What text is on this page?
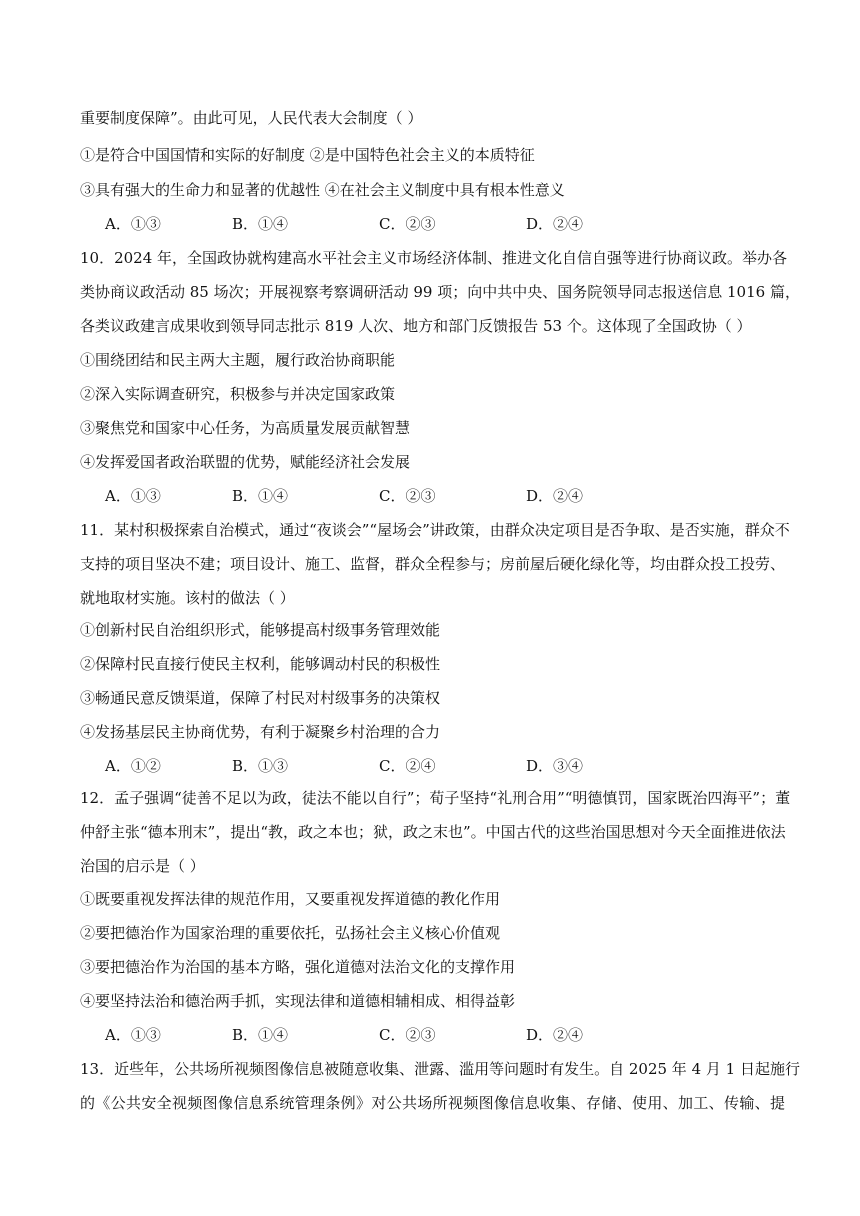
重要制度保障”。由此可见，人民代表大会制度（ ）
①是符合中国国情和实际的好制度 ②是中国特色社会主义的本质特征
③具有强大的生命力和显著的优越性 ④在社会主义制度中具有根本性意义
A．①③	B．①④	C．②③	D．②④
10．2024 年，全国政协就构建高水平社会主义市场经济体制、推进文化自信自强等进行协商议政。举办各
类协商议政活动 85 场次；开展视察考察调研活动 99 项；向中共中央、国务院领导同志报送信息 1016 篇，
各类议政建言成果收到领导同志批示 819 人次、地方和部门反馈报告 53 个。这体现了全国政协（ ）
①围绕团结和民主两大主题，履行政治协商职能
②深入实际调查研究，积极参与并决定国家政策
③聚焦党和国家中心任务，为高质量发展贡献智慧
④发挥爱国者政治联盟的优势，赋能经济社会发展
A．①③	B．①④	C．②③	D．②④
11．某村积极探索自治模式，通过“夜谈会”“屋场会”讲政策，由群众决定项目是否争取、是否实施，群众不
支持的项目坚决不建；项目设计、施工、监督，群众全程参与；房前屋后硬化绿化等，均由群众投工投劳、
就地取材实施。该村的做法（ ）
①创新村民自治组织形式，能够提高村级事务管理效能
②保障村民直接行使民主权利，能够调动村民的积极性
③畅通民意反馈渠道，保障了村民对村级事务的决策权
④发扬基层民主协商优势，有利于凝聚乡村治理的合力
A．①②	B．①③	C．②④	D．③④
12．孟子强调“徒善不足以为政，徒法不能以自行”；荀子坚持“礼刑合用”“明德慎罚，国家既治四海平”；董
仲舒主张“德本刑末”，提出“教，政之本也；狱，政之末也”。中国古代的这些治国思想对今天全面推进依法
治国的启示是（ ）
①既要重视发挥法律的规范作用，又要重视发挥道德的教化作用
②要把德治作为国家治理的重要依托，弘扬社会主义核心价值观
③要把德治作为治国的基本方略，强化道德对法治文化的支撑作用
④要坚持法治和德治两手抓，实现法律和道德相辅相成、相得益彰
A．①③	B．①④	C．②③	D．②④
13．近些年，公共场所视频图像信息被随意收集、泄露、滥用等问题时有发生。自 2025 年 4 月 1 日起施行
的《公共安全视频图像信息系统管理条例》对公共场所视频图像信息收集、存储、使用、加工、传输、提
